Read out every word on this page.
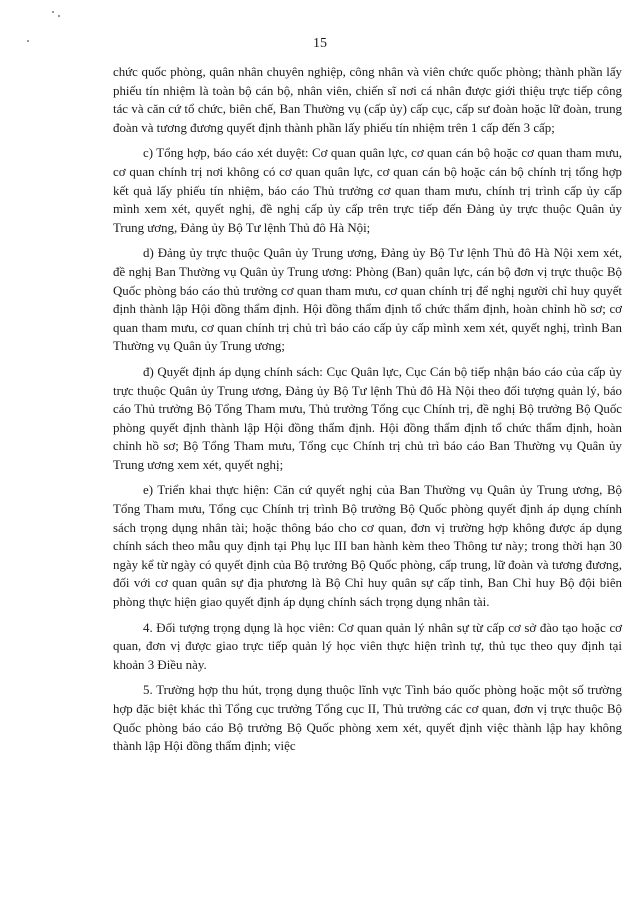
15

chức quốc phòng, quân nhân chuyên nghiệp, công nhân và viên chức quốc phòng; thành phần lấy phiếu tín nhiệm là toàn bộ cán bộ, nhân viên, chiến sĩ nơi cá nhân được giới thiệu trực tiếp công tác và căn cứ tổ chức, biên chế, Ban Thường vụ (cấp ủy) cấp cục, cấp sư đoàn hoặc lữ đoàn, trung đoàn và tương đương quyết định thành phần lấy phiếu tín nhiệm trên 1 cấp đến 3 cấp;

c) Tổng hợp, báo cáo xét duyệt: Cơ quan quân lực, cơ quan cán bộ hoặc cơ quan tham mưu, cơ quan chính trị nơi không có cơ quan quân lực, cơ quan cán bộ hoặc cán bộ chính trị tổng hợp kết quả lấy phiếu tín nhiệm, báo cáo Thủ trưởng cơ quan tham mưu, chính trị trình cấp ủy cấp mình xem xét, quyết nghị, đề nghị cấp ủy cấp trên trực tiếp đến Đảng ủy trực thuộc Quân ủy Trung ương, Đảng ủy Bộ Tư lệnh Thủ đô Hà Nội;

d) Đảng ủy trực thuộc Quân ủy Trung ương, Đảng ủy Bộ Tư lệnh Thủ đô Hà Nội xem xét, đề nghị Ban Thường vụ Quân ủy Trung ương: Phòng (Ban) quân lực, cán bộ đơn vị trực thuộc Bộ Quốc phòng báo cáo thủ trưởng cơ quan tham mưu, cơ quan chính trị để nghị người chỉ huy quyết định thành lập Hội đồng thẩm định. Hội đồng thẩm định tổ chức thẩm định, hoàn chỉnh hồ sơ; cơ quan tham mưu, cơ quan chính trị chủ trì báo cáo cấp ủy cấp mình xem xét, quyết nghị, trình Ban Thường vụ Quân ủy Trung ương;

đ) Quyết định áp dụng chính sách: Cục Quân lực, Cục Cán bộ tiếp nhận báo cáo của cấp ủy trực thuộc Quân ủy Trung ương, Đảng ủy Bộ Tư lệnh Thủ đô Hà Nội theo đối tượng quản lý, báo cáo Thủ trưởng Bộ Tổng Tham mưu, Thủ trưởng Tổng cục Chính trị, đề nghị Bộ trưởng Bộ Quốc phòng quyết định thành lập Hội đồng thẩm định. Hội đồng thẩm định tổ chức thẩm định, hoàn chỉnh hồ sơ; Bộ Tổng Tham mưu, Tổng cục Chính trị chủ trì báo cáo Ban Thường vụ Quân ủy Trung ương xem xét, quyết nghị;

e) Triển khai thực hiện: Căn cứ quyết nghị của Ban Thường vụ Quân ủy Trung ương, Bộ Tổng Tham mưu, Tổng cục Chính trị trình Bộ trưởng Bộ Quốc phòng quyết định áp dụng chính sách trọng dụng nhân tài; hoặc thông báo cho cơ quan, đơn vị trường hợp không được áp dụng chính sách theo mẫu quy định tại Phụ lục III ban hành kèm theo Thông tư này; trong thời hạn 30 ngày kể từ ngày có quyết định của Bộ trưởng Bộ Quốc phòng, cấp trung, lữ đoàn và tương đương, đối với cơ quan quân sự địa phương là Bộ Chỉ huy quân sự cấp tỉnh, Ban Chỉ huy Bộ đội biên phòng thực hiện giao quyết định áp dụng chính sách trọng dụng nhân tài.

4. Đối tượng trọng dụng là học viên: Cơ quan quản lý nhân sự từ cấp cơ sở đào tạo hoặc cơ quan, đơn vị được giao trực tiếp quản lý học viên thực hiện trình tự, thủ tục theo quy định tại khoản 3 Điều này.

5. Trường hợp thu hút, trọng dụng thuộc lĩnh vực Tình báo quốc phòng hoặc một số trường hợp đặc biệt khác thì Tổng cục trưởng Tổng cục II, Thủ trưởng các cơ quan, đơn vị trực thuộc Bộ Quốc phòng báo cáo Bộ trưởng Bộ Quốc phòng xem xét, quyết định việc thành lập hay không thành lập Hội đồng thẩm định; việc
